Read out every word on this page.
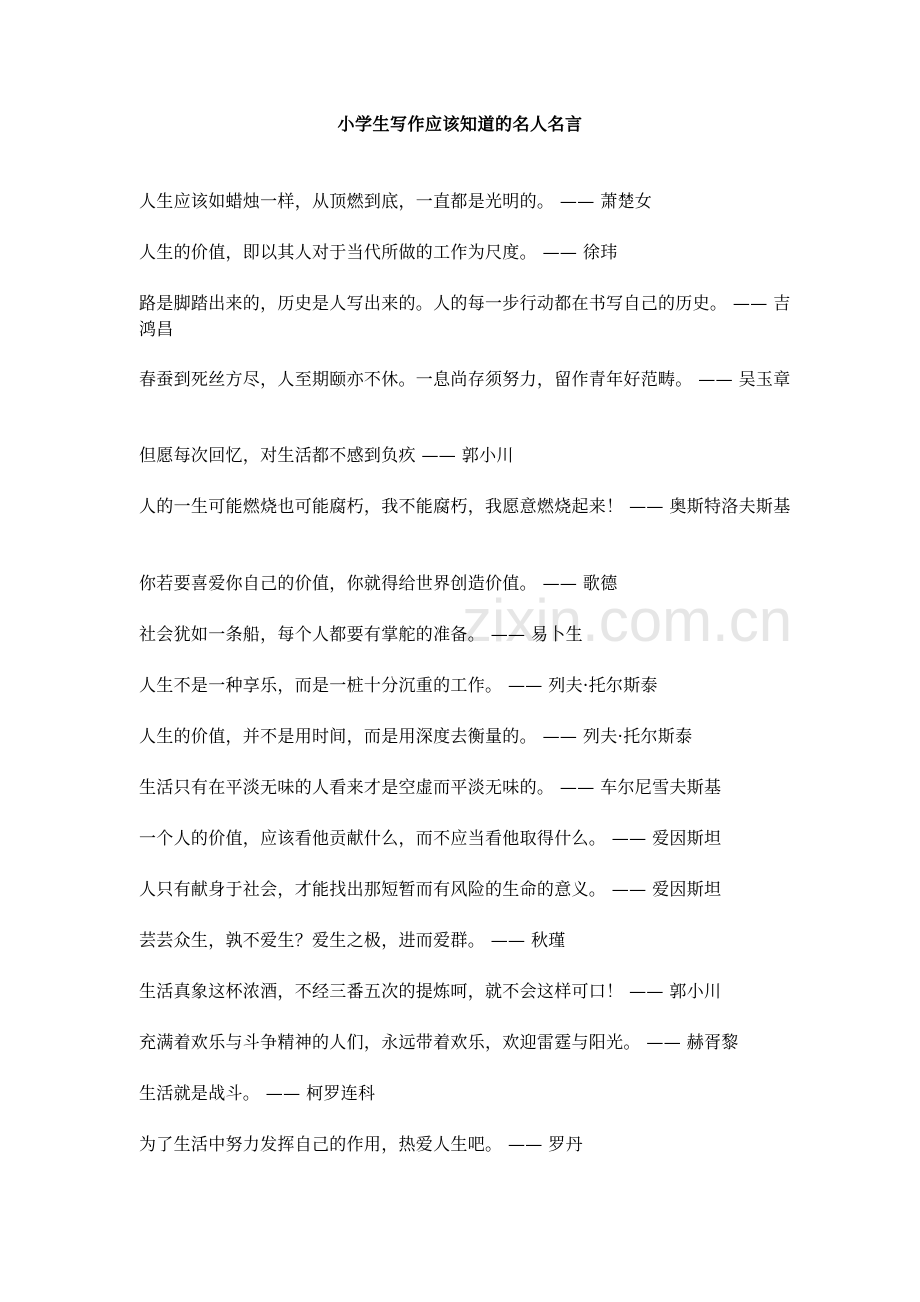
zixin.com.cn
小学生写作应该知道的名人名言
人生应该如蜡烛一样，从顶燃到底，一直都是光明的。 —— 萧楚女
人生的价值，即以其人对于当代所做的工作为尺度。 —— 徐玮
路是脚踏出来的，历史是人写出来的。人的每一步行动都在书写自己的历史。 —— 吉鸿昌
春蚕到死丝方尽，人至期颐亦不休。一息尚存须努力，留作青年好范畴。 —— 吴玉章
但愿每次回忆，对生活都不感到负疚 —— 郭小川
人的一生可能燃烧也可能腐朽，我不能腐朽，我愿意燃烧起来！ —— 奥斯特洛夫斯基
你若要喜爱你自己的价值，你就得给世界创造价值。 —— 歌德
社会犹如一条船，每个人都要有掌舵的准备。 —— 易卜生
人生不是一种享乐，而是一桩十分沉重的工作。 —— 列夫·托尔斯泰
人生的价值，并不是用时间，而是用深度去衡量的。 —— 列夫·托尔斯泰
生活只有在平淡无味的人看来才是空虚而平淡无味的。 —— 车尔尼雪夫斯基
一个人的价值，应该看他贡献什么，而不应当看他取得什么。 —— 爱因斯坦
人只有献身于社会，才能找出那短暂而有风险的生命的意义。 —— 爱因斯坦
芸芸众生，孰不爱生？爱生之极，进而爱群。 —— 秋瑾
生活真象这杯浓酒，不经三番五次的提炼呵，就不会这样可口！ —— 郭小川
充满着欢乐与斗争精神的人们，永远带着欢乐，欢迎雷霆与阳光。 —— 赫胥黎
生活就是战斗。 —— 柯罗连科
为了生活中努力发挥自己的作用，热爱人生吧。 —— 罗丹
